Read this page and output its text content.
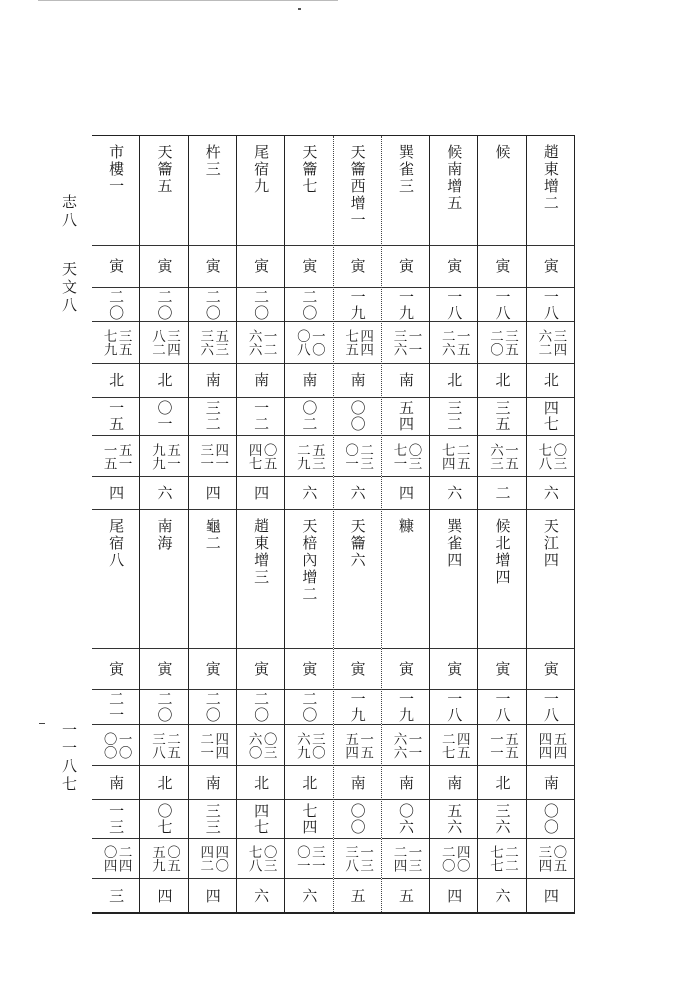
志八
天文八
一一八七
趙東增二
寅
一八
三四
六二
北
四七
〇三
七八
六
天江四
寅
一八
五四
四四
南
〇〇
〇五
三四
四
候
寅
一八
三五
二〇
北
三五
一五
六三
二
候北增四
寅
一八
五五
一一
北
三六
二二
七七
六
候南增五
寅
一八
一五
二六
北
三二
二五
七四
六
巽雀四
寅
一八
四五
二七
南
五六
四〇
二〇
四
巽雀三
寅
一九
一一
三六
南
五四
〇三
七一
四
糠
寅
一九
一一
六六
南
〇六
一三
二四
五
天籥西增一
寅
一九
四四
七五
南
〇〇
二三
〇一
六
天籥六
寅
一九
一五
五四
南
〇〇
一三
三八
五
天籥七
寅
二〇
一〇
〇八
南
〇二
五三
二九
六
天棓內增二
寅
二〇
三〇
六九
北
七四
三一
〇一
六
尾宿九
寅
二〇
一二
六六
南
一二
〇五
四七
四
趙東增三
寅
二〇
〇三
六〇
北
四七
〇三
七八
六
杵三
寅
二〇
五三
三六
南
三二
四一
三一
四
龜二
寅
二〇
四四
二一
南
三三
四〇
四二
四
天籥五
寅
二〇
三四
八二
北
〇一
五一
九九
六
南海
寅
二〇
二五
三八
北
〇七
〇五
五九
四
市樓一
寅
二〇
三五
七九
北
一五
五一
一五
四
尾宿八
寅
二一
一〇
〇〇
南
一三
二四
〇四
三
